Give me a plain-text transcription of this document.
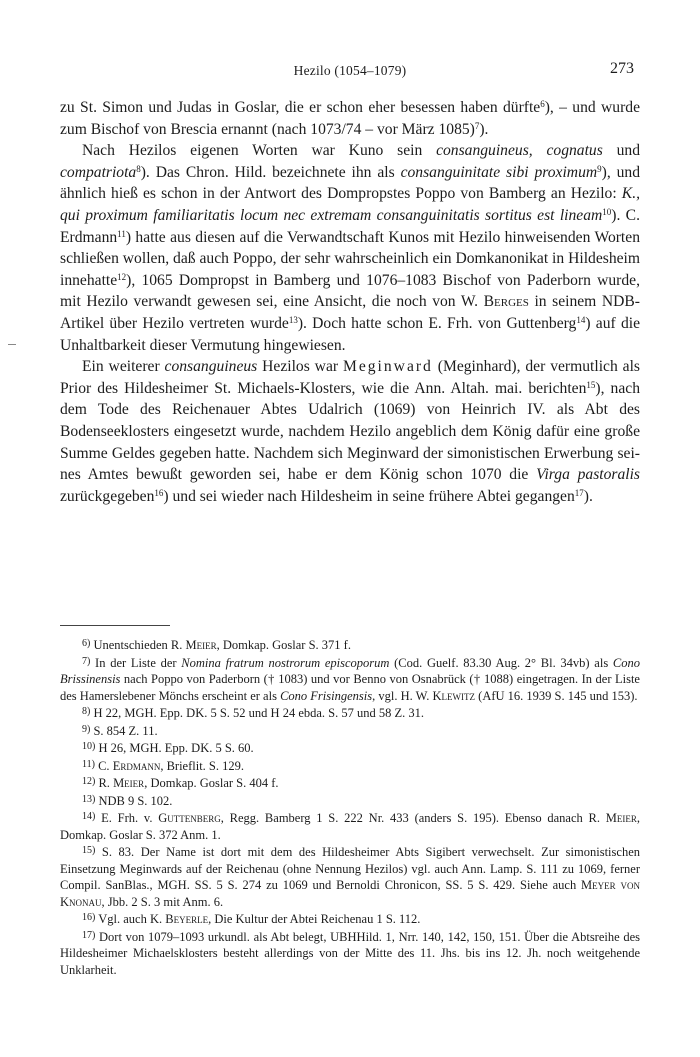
Hezilo (1054–1079)	273

zu St. Simon und Judas in Goslar, die er schon eher besessen haben dürfte$^6$), – und wurde zum Bischof von Brescia ernannt (nach 1073/74 – vor März 1085)$^7$).

Nach Hezilos eigenen Worten war Kuno sein consanguineus, cognatus und compatriota$^8$). Das Chron. Hild. bezeichnete ihn als consanguinitate sibi proximum$^9$), und ähnlich hieß es schon in der Antwort des Dompropstes Poppo von Bamberg an Hezilo: K., qui proximum familiaritatis locum nec extremam consanguinitatis sortitus est lineam$^{10}$). C. Erdmann$^{11}$) hatte aus diesen auf die Verwandtschaft Kunos mit Hezilo hinweisenden Worten schließen wollen, daß auch Poppo, der sehr wahrscheinlich ein Domkanonikat in Hildesheim innehatte$^{12}$), 1065 Dompropst in Bamberg und 1076–1083 Bischof von Paderborn wurde, mit Hezilo verwandt gewesen sei, eine Ansicht, die noch von W. Berges in seinem NDB-Artikel über Hezilo vertreten wurde$^{13}$). Doch hatte schon E. Frh. von Guttenberg$^{14}$) auf die Unhaltbarkeit dieser Vermutung hingewiesen.

Ein weiterer consanguineus Hezilos war Meginward (Meginhard), der vermutlich als Prior des Hildesheimer St. Michaels-Klosters, wie die Ann. Altah. mai. berichten$^{15}$), nach dem Tode des Reichenauer Abtes Udalrich (1069) von Heinrich IV. als Abt des Bodenseeklosters eingesetzt wurde, nachdem Hezilo angeblich dem König dafür eine große Summe Geldes gegeben hatte. Nachdem sich Meginward der simonistischen Erwerbung seines Amtes bewußt geworden sei, habe er dem König schon 1070 die Virga pastoralis zurückgegeben$^{16}$) und sei wieder nach Hildesheim in seine frühere Abtei gegangen$^{17}$).

$^{6)}$ Unentschieden R. Meier, Domkap. Goslar S. 371 f.

$^{7)}$ In der Liste der Nomina fratrum nostrorum episcoporum (Cod. Guelf. 83.30 Aug. 2° Bl. 34vb) als Cono Brissinensis nach Poppo von Paderborn († 1083) und vor Benno von Osnabrück († 1088) eingetragen. In der Liste des Hamerslebener Mönchs erscheint er als Cono Frisingensis, vgl. H. W. Klewitz (AfU 16. 1939 S. 145 und 153).

$^{8)}$ H 22, MGH. Epp. DK. 5 S. 52 und H 24 ebda. S. 57 und 58 Z. 31.

$^{9)}$ S. 854 Z. 11.

$^{10)}$ H 26, MGH. Epp. DK. 5 S. 60.

$^{11)}$ C. Erdmann, Brieflit. S. 129.

$^{12)}$ R. Meier, Domkap. Goslar S. 404 f.

$^{13)}$ NDB 9 S. 102.

$^{14)}$ E. Frh. v. Guttenberg, Regg. Bamberg 1 S. 222 Nr. 433 (anders S. 195). Ebenso danach R. Meier, Domkap. Goslar S. 372 Anm. 1.

$^{15)}$ S. 83. Der Name ist dort mit dem des Hildesheimer Abts Sigibert verwechselt. Zur simonistischen Einsetzung Meginwards auf der Reichenau (ohne Nennung Hezilos) vgl. auch Ann. Lamp. S. 111 zu 1069, ferner Compil. SanBlas., MGH. SS. 5 S. 274 zu 1069 und Bernoldi Chronicon, SS. 5 S. 429. Siehe auch Meyer von Knonau, Jbb. 2 S. 3 mit Anm. 6.

$^{16)}$ Vgl. auch K. Beyerle, Die Kultur der Abtei Reichenau 1 S. 112.

$^{17)}$ Dort von 1079–1093 urkundl. als Abt belegt, UBHHild. 1, Nrr. 140, 142, 150, 151. Über die Abtsreihe des Hildesheimer Michaelsklosters besteht allerdings von der Mitte des 11. Jhs. bis ins 12. Jh. noch weitgehende Unklarheit.
